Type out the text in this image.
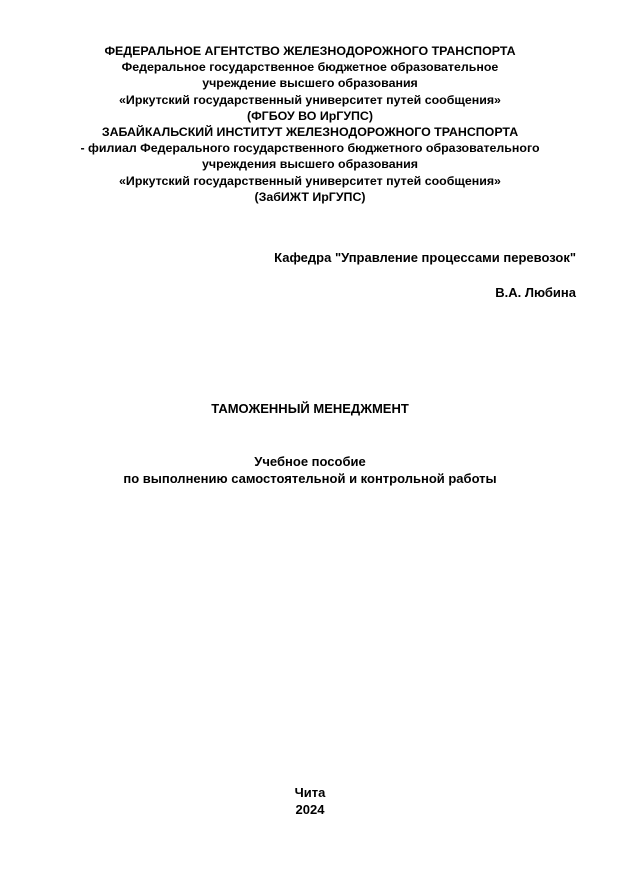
ФЕДЕРАЛЬНОЕ АГЕНТСТВО ЖЕЛЕЗНОДОРОЖНОГО ТРАНСПОРТА
Федеральное государственное бюджетное образовательное
учреждение высшего образования
«Иркутский государственный университет путей сообщения»
(ФГБОУ ВО ИрГУПС)
ЗАБАЙКАЛЬСКИЙ ИНСТИТУТ ЖЕЛЕЗНОДОРОЖНОГО ТРАНСПОРТА
- филиал Федерального государственного бюджетного образовательного
учреждения высшего образования
«Иркутский государственный университет путей сообщения»
(ЗабИЖТ ИрГУПС)
Кафедра "Управление процессами перевозок"
В.А. Любина
ТАМОЖЕННЫЙ МЕНЕДЖМЕНТ
Учебное пособие
по выполнению самостоятельной и контрольной работы
Чита
2024
